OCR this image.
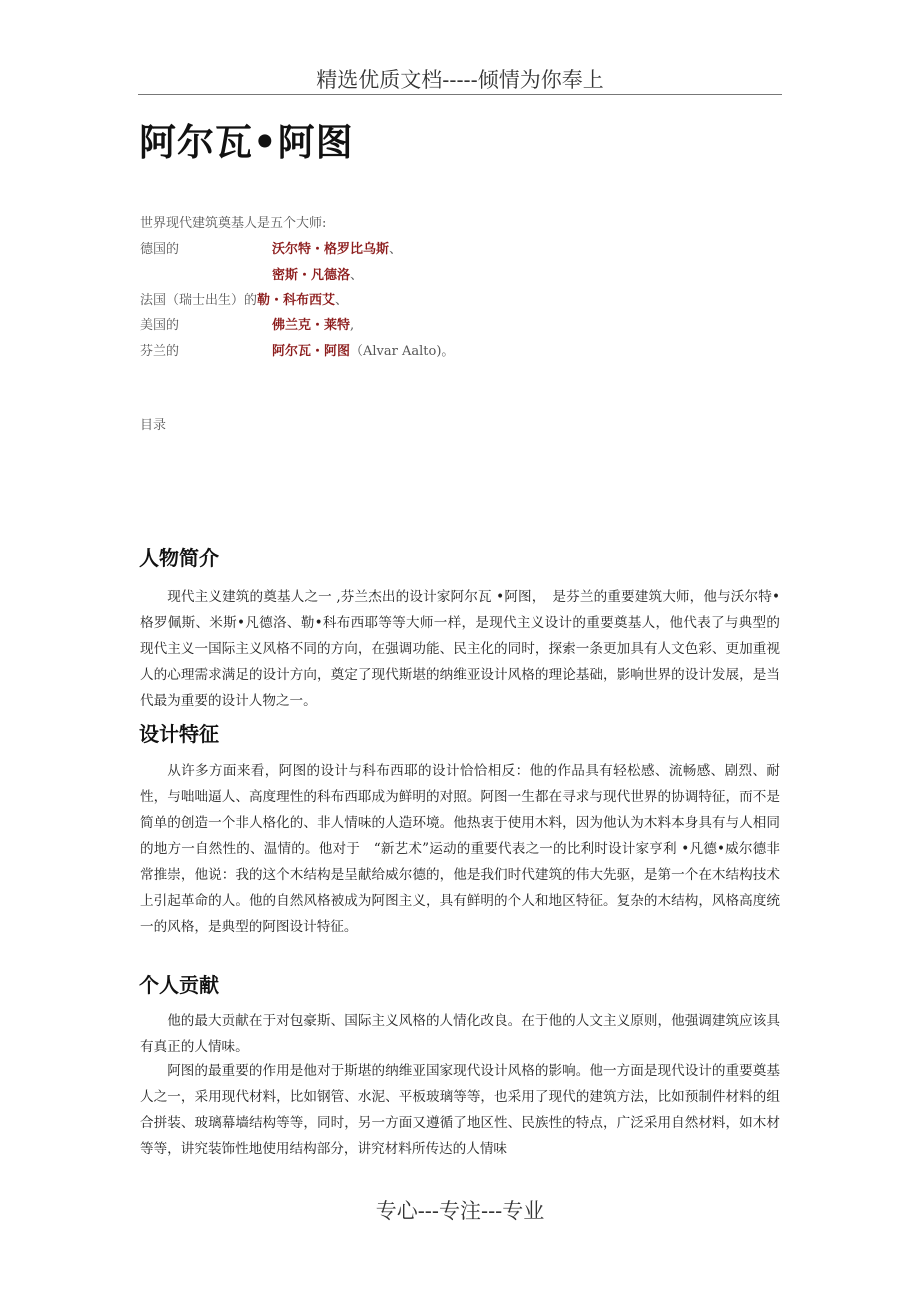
精选优质文档-----倾情为你奉上
阿尔瓦•阿图
世界现代建筑奠基人是五个大师:
德国的	沃尔特・格罗比乌斯、
密斯・凡德洛、
法国（瑞士出生）的勒・科布西艾、
美国的	佛兰克・莱特,
芬兰的	阿尔瓦・阿图（Alvar Aalto)。
目录
人物简介

现代主义建筑的奠基人之一 ,芬兰杰出的设计家阿尔瓦 •阿图，　是芬兰的重要建筑大师，他与沃尔特•格罗佩斯、米斯•凡德洛、勒•科布西耶等等大师一样，是现代主义设计的重要奠基人，他代表了与典型的现代主义一国际主义风格不同的方向，在强调功能、民主化的同时，探索一条更加具有人文色彩、更加重视人的心理需求满足的设计方向，奠定了现代斯堪的纳维亚设计风格的理论基础，影响世界的设计发展，是当代最为重要的设计人物之一。

设计特征

从许多方面来看，阿图的设计与科布西耶的设计恰恰相反：他的作品具有轻松感、流畅感、剧烈、耐性，与咄咄逼人、高度理性的科布西耶成为鲜明的对照。阿图一生都在寻求与现代世界的协调特征，而不是简单的创造一个非人格化的、非人情味的人造环境。他热衷于使用木料，因为他认为木料本身具有与人相同的地方一自然性的、温情的。他对于　“新艺术”运动的重要代表之一的比利时设计家亨利 •凡德•威尔德非常推崇，他说：我的这个木结构是呈献给威尔德的，他是我们时代建筑的伟大先驱，是第一个在木结构技术上引起革命的人。他的自然风格被成为阿图主义，具有鲜明的个人和地区特征。复杂的木结构，风格高度统一的风格，是典型的阿图设计特征。

个人贡献

他的最大贡献在于对包豪斯、国际主义风格的人情化改良。在于他的人文主义原则，他强调建筑应该具有真正的人情味。

阿图的最重要的作用是他对于斯堪的纳维亚国家现代设计风格的影响。他一方面是现代设计的重要奠基人之一，采用现代材料，比如钢管、水泥、平板玻璃等等，也采用了现代的建筑方法，比如预制件材料的组合拼装、玻璃幕墙结构等等，同时，另一方面又遵循了地区性、民族性的特点，广泛采用自然材料，如木材等等，讲究装饰性地使用结构部分，讲究材料所传达的人情味

专心---专注---专业
